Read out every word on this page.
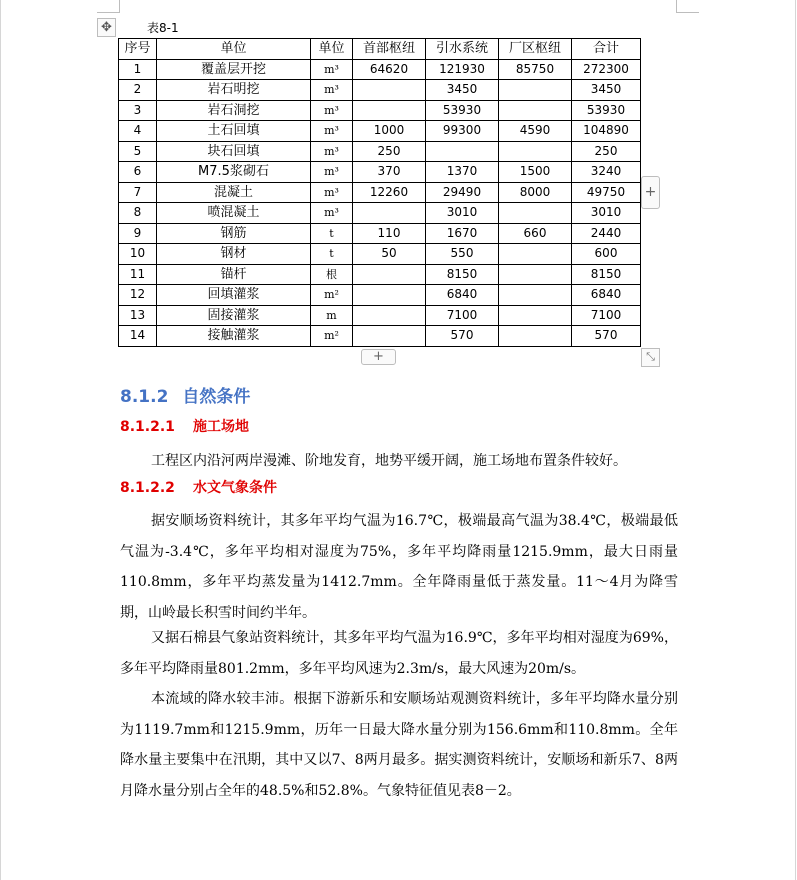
✥	表8-1
序号	单位	单位	首部枢纽	引水系统	厂区枢纽	合计
1	覆盖层开挖	m³	64620	121930	85750	272300
2	岩石明挖	m³		3450		3450
3	岩石洞挖	m³		53930		53930
4	土石回填	m³	1000	99300	4590	104890
5	块石回填	m³	250			250
6	M7.5浆砌石	m³	370	1370	1500	3240
7	混凝土	m³	12260	29490	8000	49750
8	喷混凝土	m³		3010		3010
9	钢筋	t	110	1670	660	2440
10	钢材	t	50	550		600
11	锚杆	根		8150		8150
12	回填灌浆	m²		6840		6840
13	固接灌浆	m		7100		7100
14	接触灌浆	m²		570		570
+
+	⤡
8.1.2 自然条件
8.1.2.1 施工场地
工程区内沿河两岸漫滩、阶地发育，地势平缓开阔，施工场地布置条件较好。
8.1.2.2 水文气象条件
据安顺场资料统计，其多年平均气温为16.7℃，极端最高气温为38.4℃，极端最低气温为-3.4℃，多年平均相对湿度为75%，多年平均降雨量1215.9mm，最大日雨量110.8mm，多年平均蒸发量为1412.7mm。全年降雨量低于蒸发量。11～4月为降雪期，山岭最长积雪时间约半年。
又据石棉县气象站资料统计，其多年平均气温为16.9℃，多年平均相对湿度为69%，多年平均降雨量801.2mm，多年平均风速为2.3m/s，最大风速为20m/s。
本流域的降水较丰沛。根据下游新乐和安顺场站观测资料统计，多年平均降水量分别为1119.7mm和1215.9mm，历年一日最大降水量分别为156.6mm和110.8mm。全年降水量主要集中在汛期，其中又以7、8两月最多。据实测资料统计，安顺场和新乐7、8两月降水量分别占全年的48.5%和52.8%。气象特征值见表8－2。
